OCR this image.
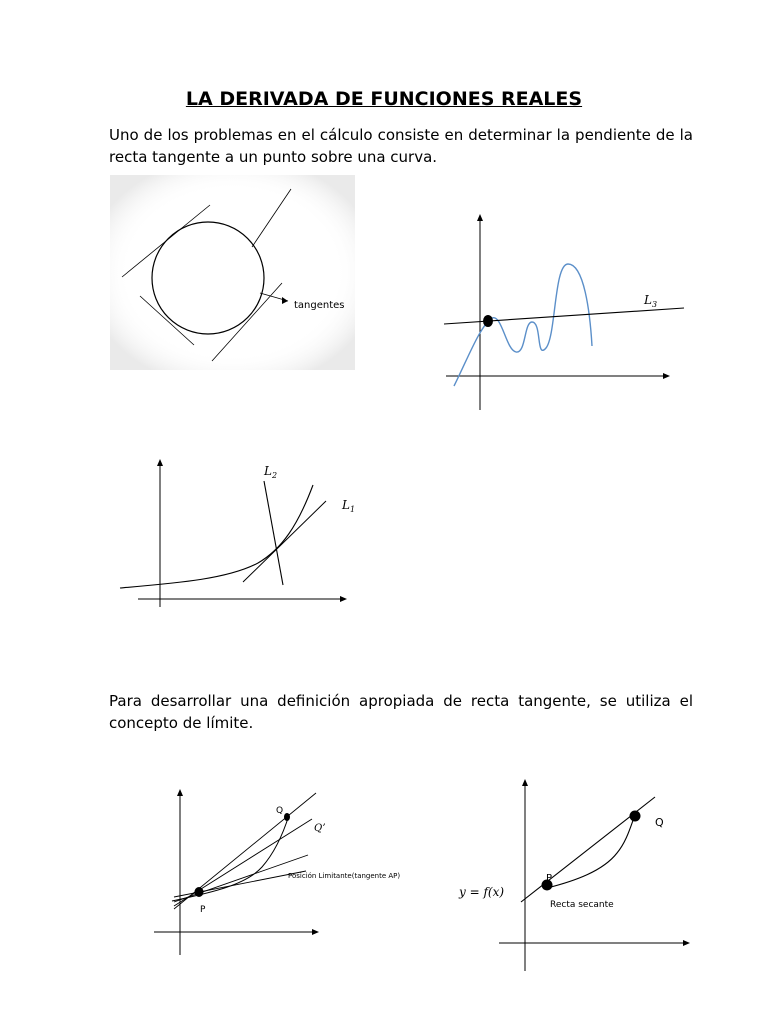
LA DERIVADA DE FUNCIONES REALES
Uno de los problemas en el cálculo consiste en determinar la pendiente de la recta tangente a un punto sobre una curva.
tangentes	$L_3$
$L_2$
$L_1$
Para desarrollar una definición apropiada de recta tangente, se utiliza el concepto de límite.
Q
Q’
P
Posición Limitante(tangente AP)	P
Q
y = f(x)
Recta secante
